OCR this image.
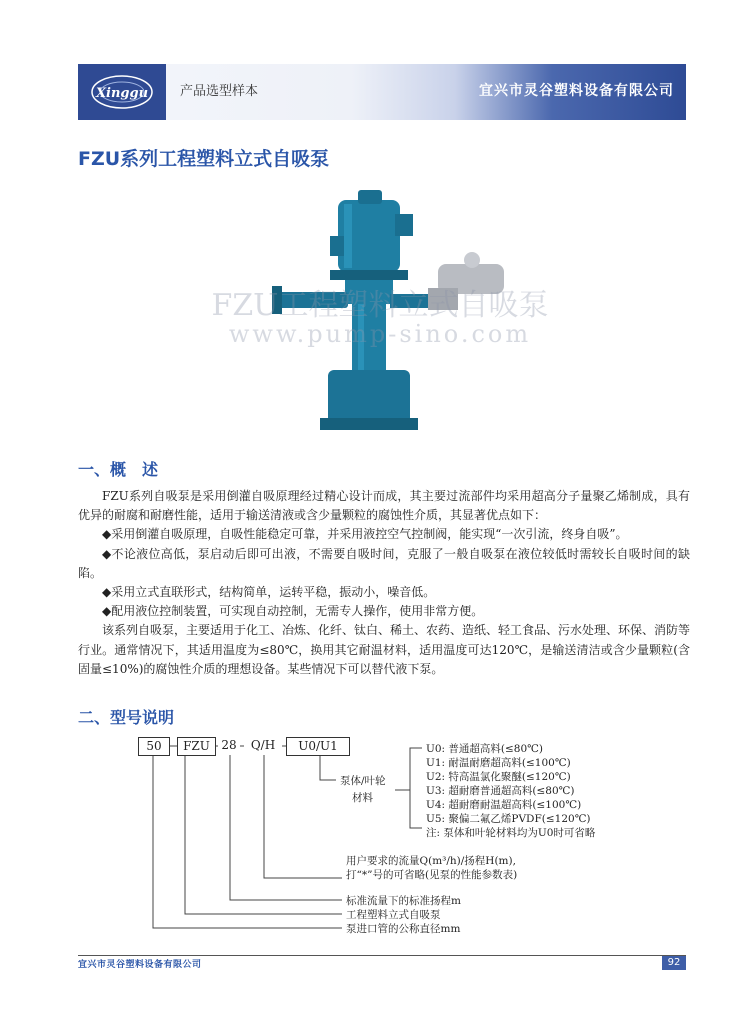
Xinggu 产品选型样本	宜兴市灵谷塑料设备有限公司
FZU系列工程塑料立式自吸泵
FZU工程塑料立式自吸泵
www.pump-sino.com
一、概　述

FZU系列自吸泵是采用倒灌自吸原理经过精心设计而成，其主要过流部件均采用超高分子量聚乙烯制成，具有优异的耐腐和耐磨性能，适用于输送清液或含少量颗粒的腐蚀性介质，其显著优点如下：

◆采用倒灌自吸原理，自吸性能稳定可靠，并采用液控空气控制阀，能实现“一次引流，终身自吸”。

◆不论液位高低，泵启动后即可出液，不需要自吸时间，克服了一般自吸泵在液位较低时需较长自吸时间的缺陷。

◆采用立式直联形式，结构简单，运转平稳，振动小，噪音低。

◆配用液位控制装置，可实现自动控制，无需专人操作，使用非常方便。

该系列自吸泵，主要适用于化工、冶炼、化纤、钛白、稀土、农药、造纸、轻工食品、污水处理、环保、消防等行业。通常情况下，其适用温度为≤80℃，换用其它耐温材料，适用温度可达120℃，是输送清洁或含少量颗粒(含固量≤10%)的腐蚀性介质的理想设备。某些情况下可以替代液下泵。

二、型号说明
50	FZU 28	Q/H	U0/U1
泵体/叶轮
材料
U0: 普通超高料(≤80℃)
U1: 耐温耐磨超高料(≤100℃)
U2: 特高温氯化聚醚(≤120℃)
U3: 超耐磨普通超高料(≤80℃)
U4: 超耐磨耐温超高料(≤100℃)
U5: 聚偏二氟乙烯PVDF(≤120℃)
注: 泵体和叶轮材料均为U0时可省略
用户要求的流量Q(m³/h)/扬程H(m),
打“*”号的可省略(见泵的性能参数表)
标准流量下的标准扬程m
工程塑料立式自吸泵
泵进口管的公称直径mm
宜兴市灵谷塑料设备有限公司	92
